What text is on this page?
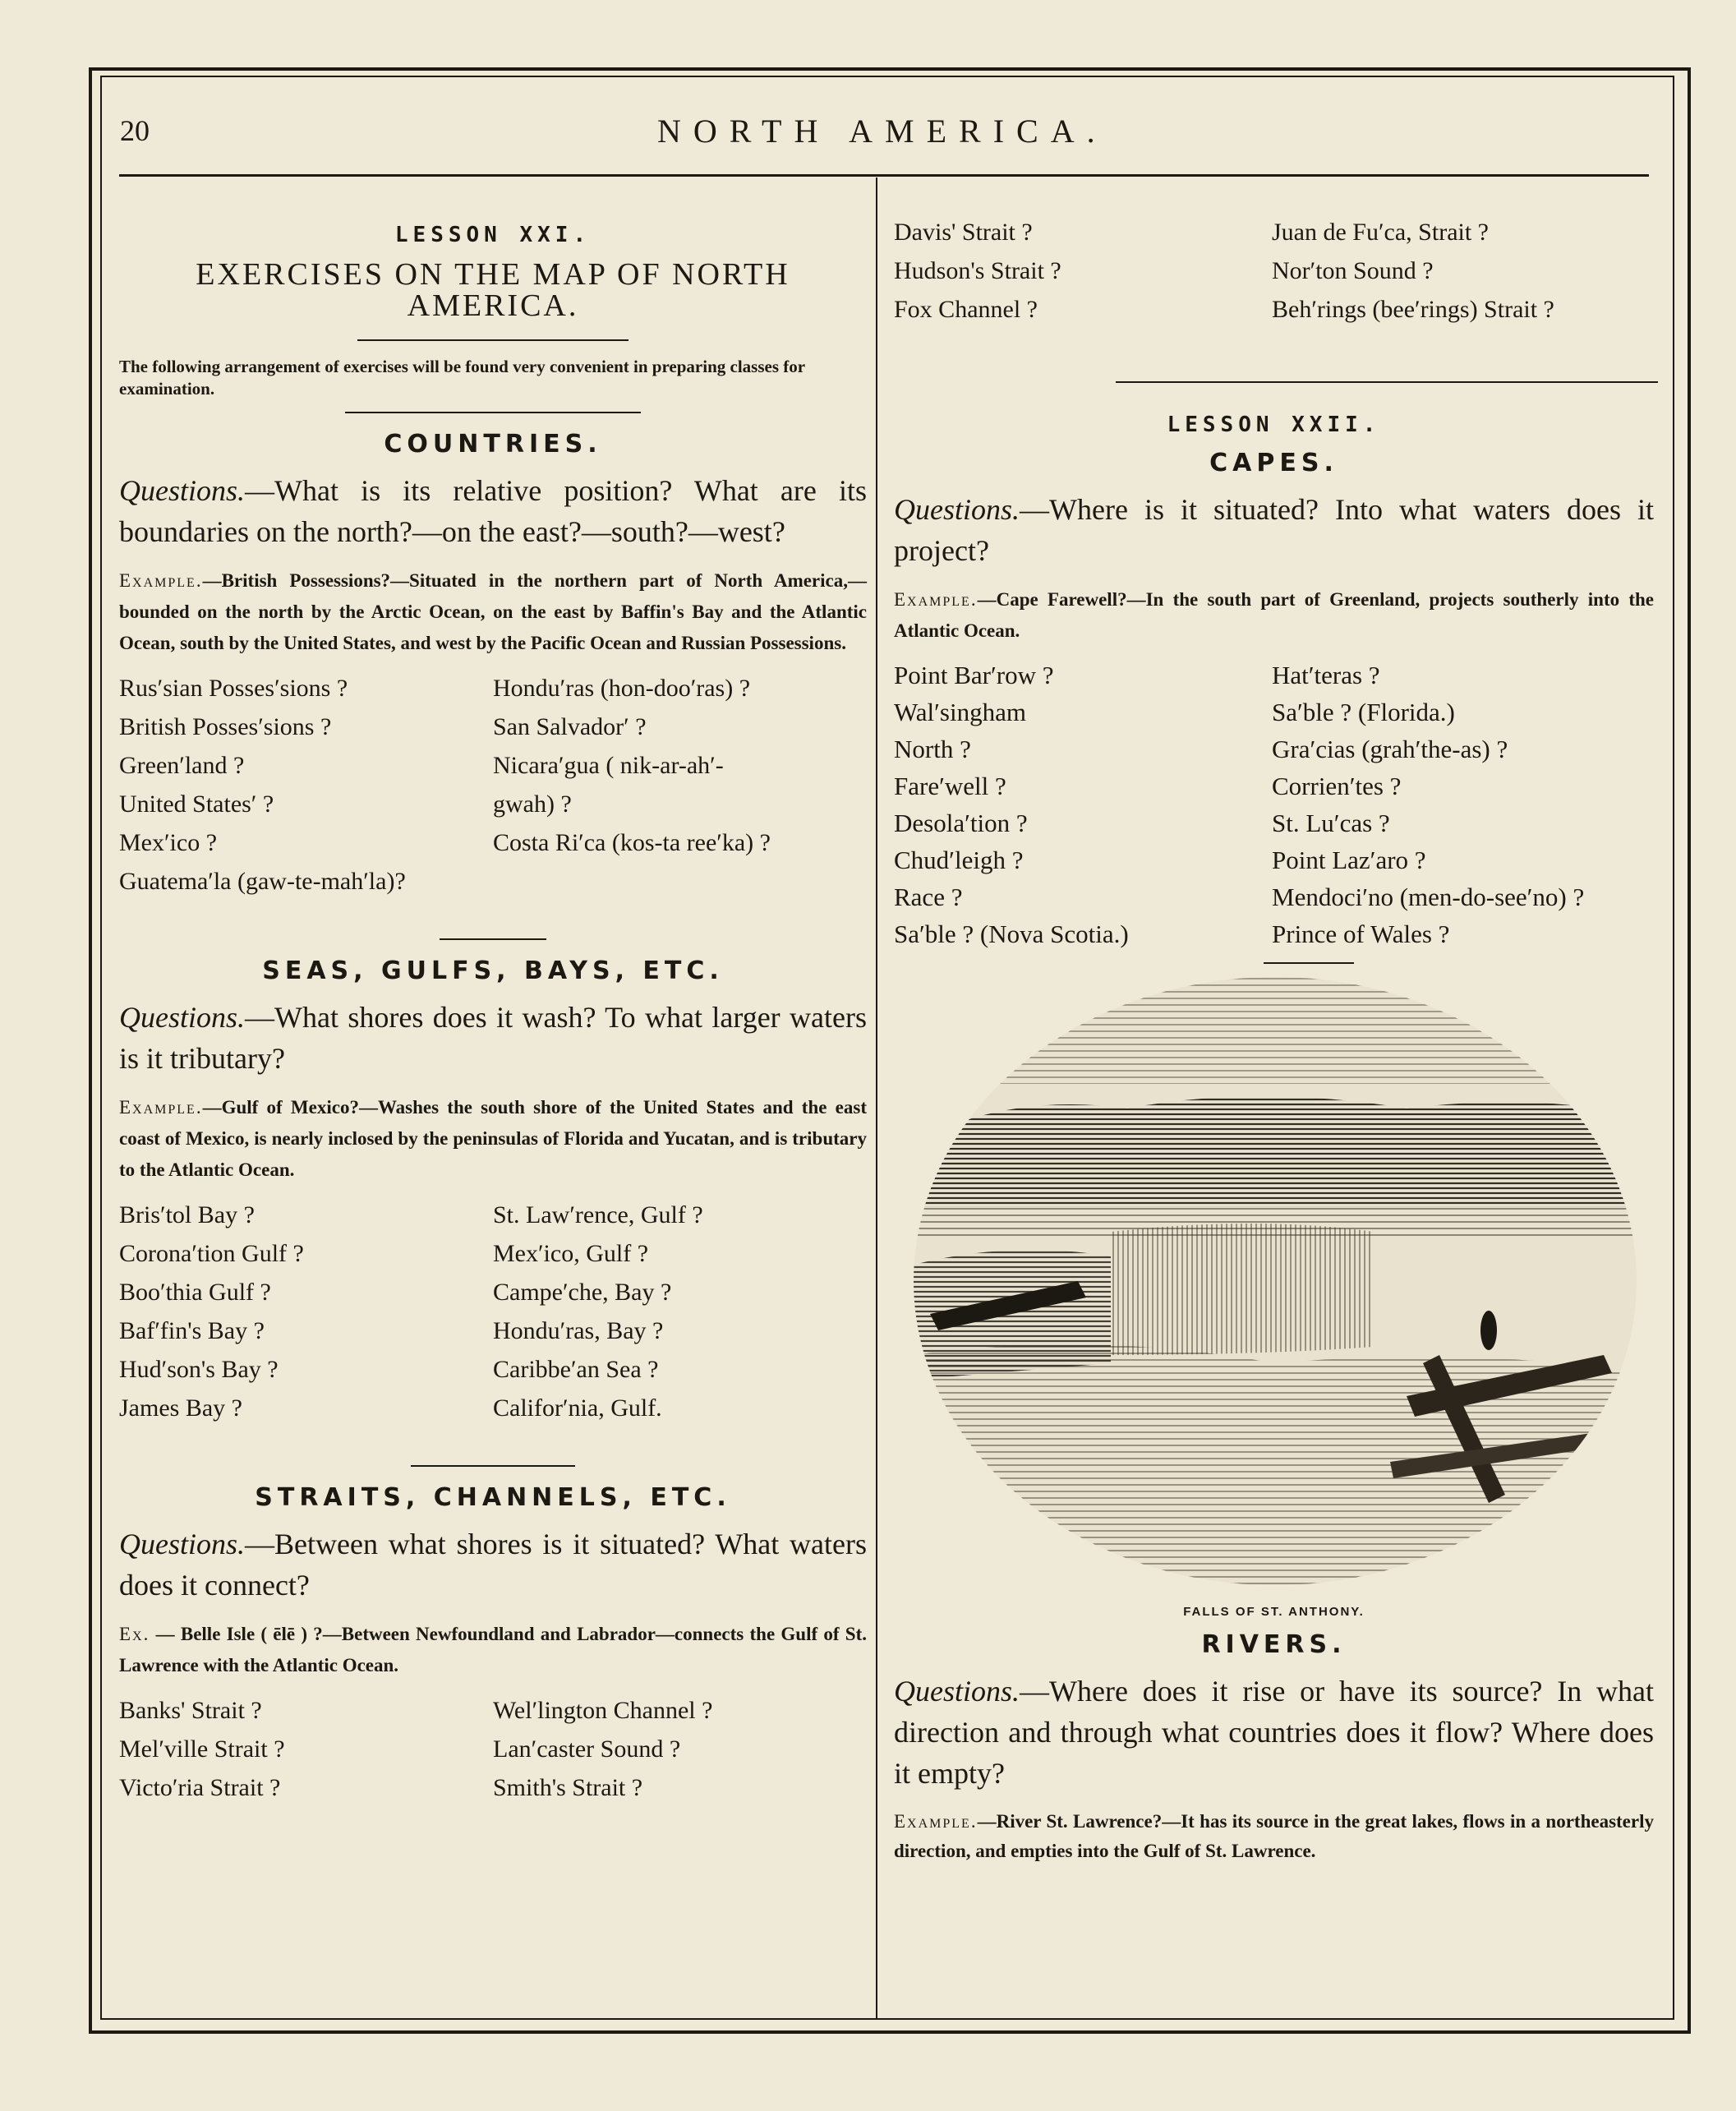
20	NORTH AMERICA.
LESSON XXI.
EXERCISES ON THE MAP OF NORTH AMERICA.
The following arrangement of exercises will be found very convenient in preparing classes for examination.
COUNTRIES.
Questions.—What is its relative position? What are its boundaries on the north?—on the east?—south?—west?
Example.—British Possessions?—Situated in the northern part of North America,—bounded on the north by the Arctic Ocean, on the east by Baffin's Bay and the Atlantic Ocean, south by the United States, and west by the Pacific Ocean and Russian Possessions.
Rus′sian Posses′sions ?	Hondu′ras (hon-doo′ras) ?
British Posses′sions ?	San Salvador′ ?
Green′land ?	Nicara′gua ( nik-ar-ah′-
United States′ ?	gwah) ?
Mex′ico ?	Costa Ri′ca (kos-ta ree′ka) ?
Guatema′la (gaw-te-mah′la)?
SEAS, GULFS, BAYS, ETC.
Questions.—What shores does it wash? To what larger waters is it tributary?
Example.—Gulf of Mexico?—Washes the south shore of the United States and the east coast of Mexico, is nearly inclosed by the peninsulas of Florida and Yucatan, and is tributary to the Atlantic Ocean.
Bris′tol Bay ?	St. Law′rence, Gulf ?
Corona′tion Gulf ?	Mex′ico, Gulf ?
Boo′thia Gulf ?	Campe′che, Bay ?
Baf′fin's Bay ?	Hondu′ras, Bay ?
Hud′son's Bay ?	Caribbe′an Sea ?
James Bay ?	Califor′nia, Gulf.
STRAITS, CHANNELS, ETC.
Questions.—Between what shores is it situated? What waters does it connect?
Ex. — Belle Isle ( ēlē ) ?—Between Newfoundland and Labrador—connects the Gulf of St. Lawrence with the Atlantic Ocean.
Banks' Strait ?	Wel′lington Channel ?
Mel′ville Strait ?	Lan′caster Sound ?
Victo′ria Strait ?	Smith's Strait ?
Davis' Strait ?	Juan de Fu′ca, Strait ?
Hudson's Strait ?	Nor′ton Sound ?
Fox Channel ?	Beh′rings (bee′rings) Strait ?
LESSON XXII.
CAPES.
Questions.—Where is it situated? Into what waters does it project?
Example.—Cape Farewell?—In the south part of Greenland, projects southerly into the Atlantic Ocean.
Point Bar′row ?	Hat′teras ?
Wal′singham	Sa′ble ? (Florida.)
North ?	Gra′cias (grah′the-as) ?
Fare′well ?	Corrien′tes ?
Desola′tion ?	St. Lu′cas ?
Chud′leigh ?	Point Laz′aro ?
Race ?	Mendoci′no (men-do-see′no) ?
Sa′ble ? (Nova Scotia.)	Prince of Wales ?
FALLS OF ST. ANTHONY.
RIVERS.
Questions.—Where does it rise or have its source? In what direction and through what countries does it flow? Where does it empty?
Example.—River St. Lawrence?—It has its source in the great lakes, flows in a northeasterly direction, and empties into the Gulf of St. Lawrence.
